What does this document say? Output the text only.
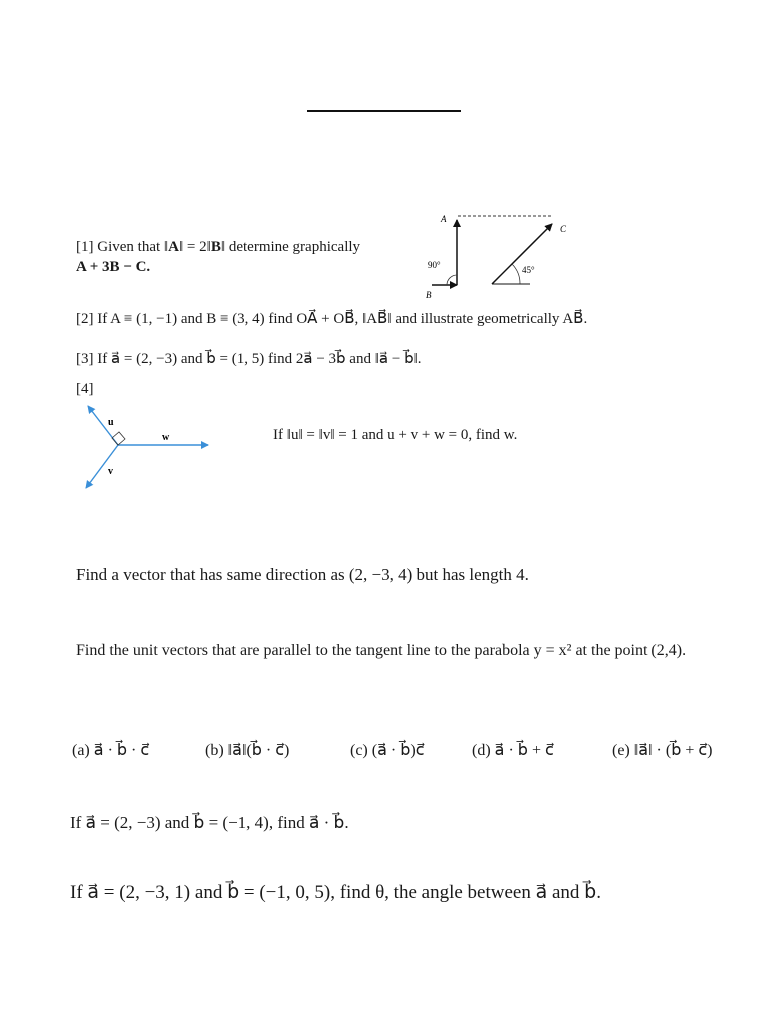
[1] Given that ‖A‖ = 2‖B‖ determine graphically
A + 3B − C.
A
B
C
90°	45°
[2] If A ≡ (1, −1) and B ≡ (3, 4) find OA⃗ + OB⃗, ‖AB⃗‖ and illustrate geometrically AB⃗.
[3] If a⃗ = (2, −3) and b⃗ = (1, 5) find 2a⃗ − 3b⃗ and ‖a⃗ − b⃗‖.
[4]
u
v
w	If ‖u‖ = ‖v‖ = 1 and u + v + w = 0, find w.
Find a vector that has same direction as (2, −3, 4) but has length 4.
Find the unit vectors that are parallel to the tangent line to the parabola y = x² at the point (2,4).
(a) a⃗ · b⃗ · c⃗	(b) ‖a⃗‖(b⃗ · c⃗)	(c) (a⃗ · b⃗)c⃗	(d) a⃗ · b⃗ + c⃗	(e) ‖a⃗‖ · (b⃗ + c⃗)
If a⃗ = (2, −3) and b⃗ = (−1, 4), find a⃗ · b⃗.
If a⃗ = (2, −3, 1) and b⃗ = (−1, 0, 5), find θ, the angle between a⃗ and b⃗.
